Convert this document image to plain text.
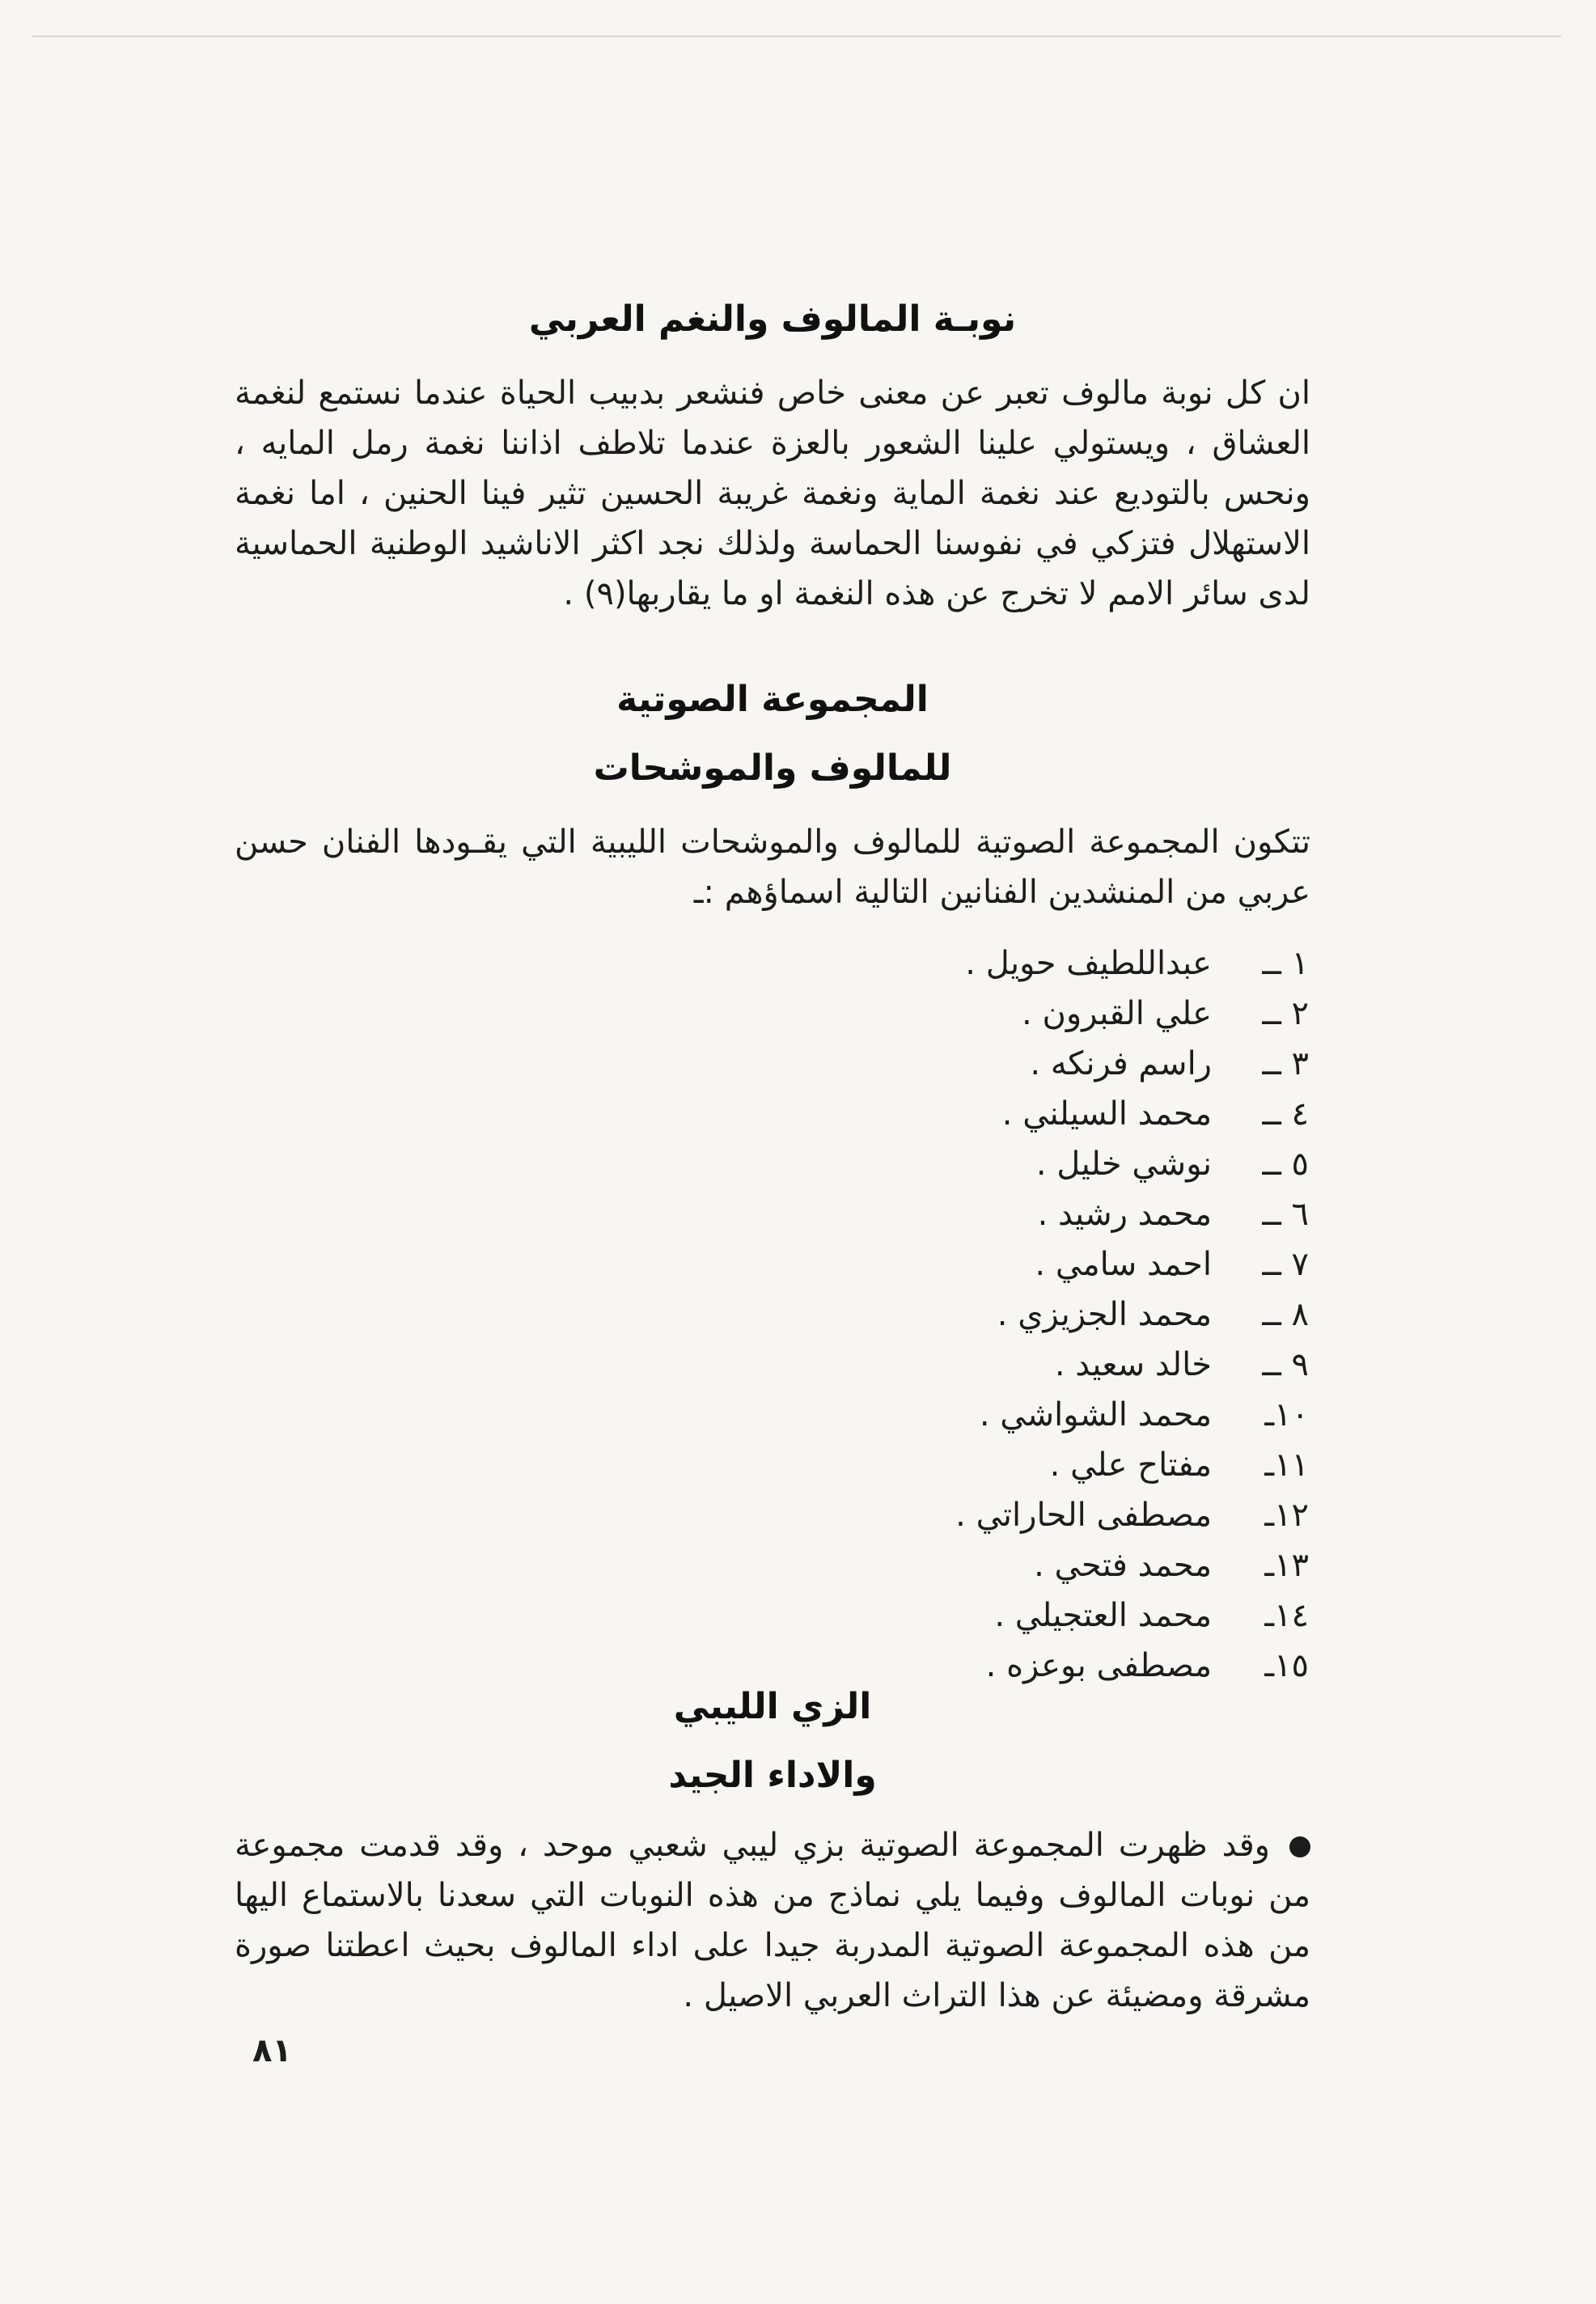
نوبـة المالوف والنغم العربي

ان كل نوبة مالوف تعبر عن معنى خاص فنشعر بدبيب الحياة عندما نستمع لنغمة العشاق ، ويستولي علينا الشعور بالعزة عندما تلاطف اذاننا نغمة رمل المايه ، ونحس بالتوديع عند نغمة الماية ونغمة غريبة الحسين تثير فينا الحنين ، اما نغمة الاستهلال فتزكي في نفوسنا الحماسة ولذلك نجد اكثر الاناشيد الوطنية الحماسية لدى سائر الامم لا تخرج عن هذه النغمة او ما يقاربها(٩) .

المجموعة الصوتية
للمالوف والموشحات

تتكون المجموعة الصوتية للمالوف والموشحات الليبية التي يقـودها الفنان حسن عربي من المنشدين الفنانين التالية اسماؤهم :ـ

١ ــعبداللطيف حويل .
٢ ــعلي القبرون .
٣ ــراسم فرنكه .
٤ ــمحمد السيلني .
٥ ــنوشي خليل .
٦ ــمحمد رشيد .
٧ ــاحمد سامي .
٨ ــمحمد الجزيزي .
٩ ــخالد سعيد .
١٠ـمحمد الشواشي .
١١ـمفتاح علي .
١٢ـمصطفى الحاراتي .
١٣ـمحمد فتحي .
١٤ـمحمد العتجيلي .
١٥ـمصطفى بوعزه .
الزي الليبي
والاداء الجيد

وقد ظهرت المجموعة الصوتية بزي ليبي شعبي موحد ، وقد قدمت مجموعة من نوبات المالوف وفيما يلي نماذج من هذه النوبات التي سعدنا بالاستماع اليها من هذه المجموعة الصوتية المدربة جيدا على اداء المالوف بحيث اعطتنا صورة مشرقة ومضيئة عن هذا التراث العربي الاصيل .

٨١
